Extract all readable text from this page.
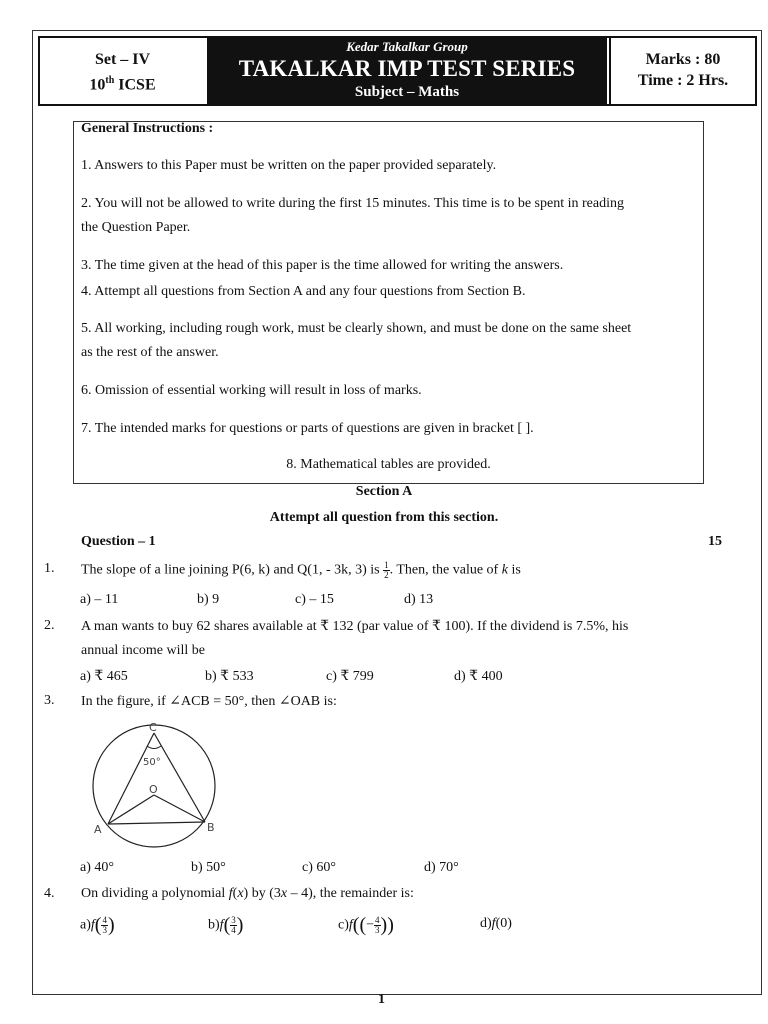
Set – IV
10th ICSE
Kedar Takalkar Group
TAKALKAR IMP TEST SERIES
Subject – Maths
Marks : 80
Time : 2 Hrs.
General Instructions :
1. Answers to this Paper must be written on the paper provided separately.
2. You will not be allowed to write during the first 15 minutes. This time is to be spent in reading
the Question Paper.
3. The time given at the head of this paper is the time allowed for writing the answers.
4. Attempt all questions from Section A and any four questions from Section B.
5. All working, including rough work, must be clearly shown, and must be done on the same sheet
as the rest of the answer.
6. Omission of essential working will result in loss of marks.
7. The intended marks for questions or parts of questions are given in bracket [ ].
8. Mathematical tables are provided.
Section A
Attempt all question from this section.
Question – 1	15
1. The slope of a line joining P(6, k) and Q(1, - 3k, 3) is $\frac{1}{2}$ . Then, the value of k is
a) – 11	b) 9	c) – 15	d) 13
2. A man wants to buy 62 shares available at ₹ 132 (par value of ₹ 100). If the dividend is 7.5%, his
annual income will be
a) ₹ 465	b) ₹ 533	c) ₹ 799	d) ₹ 400
3. In the figure, if ∠ACB = 50°, then ∠OAB is:
C
50°
O
A	B
a) 40°	b) 50°	c) 60°	d) 70°
4. On dividing a polynomial f(x) by (3x – 4), the remainder is:
$a)f( \frac{4}{3}$ )	$b)f( \frac{3}{4}$ )	$c)f((- \frac{4}{3}$ ))	d)f(0)
1
